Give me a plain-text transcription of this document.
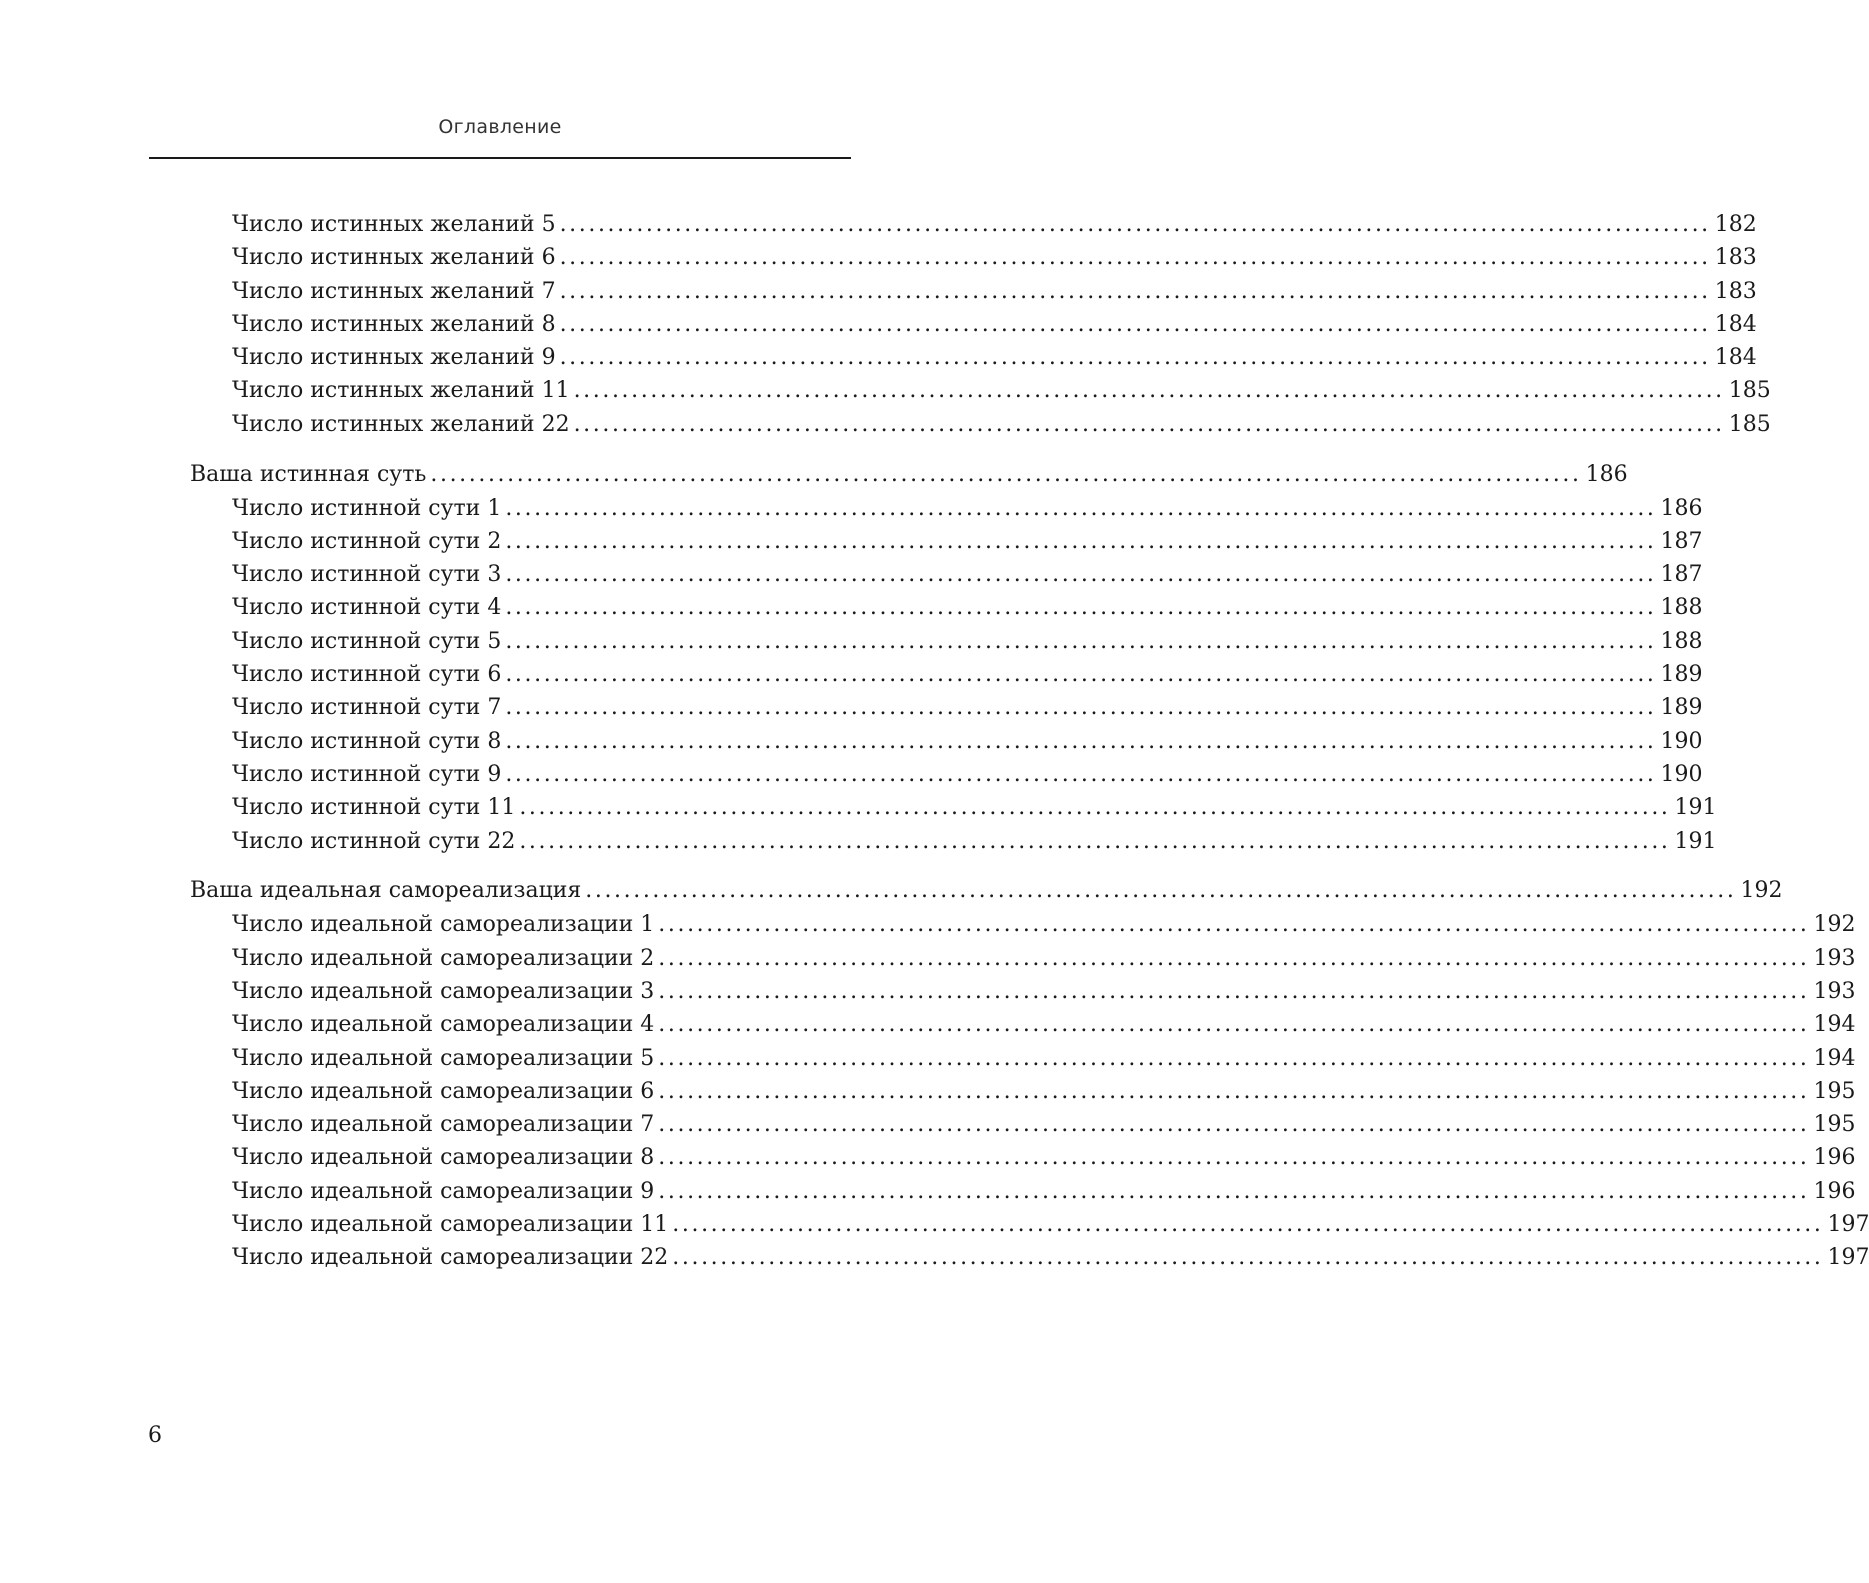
Оглавление
Число истинных желаний 5 ........................................................................................................................ 182
Число истинных желаний 6 ........................................................................................................................ 183
Число истинных желаний 7 ........................................................................................................................ 183
Число истинных желаний 8 ........................................................................................................................ 184
Число истинных желаний 9 ........................................................................................................................ 184
Число истинных желаний 11 ........................................................................................................................ 185
Число истинных желаний 22 ........................................................................................................................ 185
Ваша истинная суть ........................................................................................................................ 186
Число истинной сути 1 ........................................................................................................................ 186
Число истинной сути 2 ........................................................................................................................ 187
Число истинной сути 3 ........................................................................................................................ 187
Число истинной сути 4 ........................................................................................................................ 188
Число истинной сути 5 ........................................................................................................................ 188
Число истинной сути 6 ........................................................................................................................ 189
Число истинной сути 7 ........................................................................................................................ 189
Число истинной сути 8 ........................................................................................................................ 190
Число истинной сути 9 ........................................................................................................................ 190
Число истинной сути 11 ........................................................................................................................ 191
Число истинной сути 22 ........................................................................................................................ 191
Ваша идеальная самореализация ........................................................................................................................ 192
Число идеальной самореализации 1 ........................................................................................................................ 192
Число идеальной самореализации 2 ........................................................................................................................ 193
Число идеальной самореализации 3 ........................................................................................................................ 193
Число идеальной самореализации 4 ........................................................................................................................ 194
Число идеальной самореализации 5 ........................................................................................................................ 194
Число идеальной самореализации 6 ........................................................................................................................ 195
Число идеальной самореализации 7 ........................................................................................................................ 195
Число идеальной самореализации 8 ........................................................................................................................ 196
Число идеальной самореализации 9 ........................................................................................................................ 196
Число идеальной самореализации 11 ........................................................................................................................ 197
Число идеальной самореализации 22 ........................................................................................................................ 197
6
